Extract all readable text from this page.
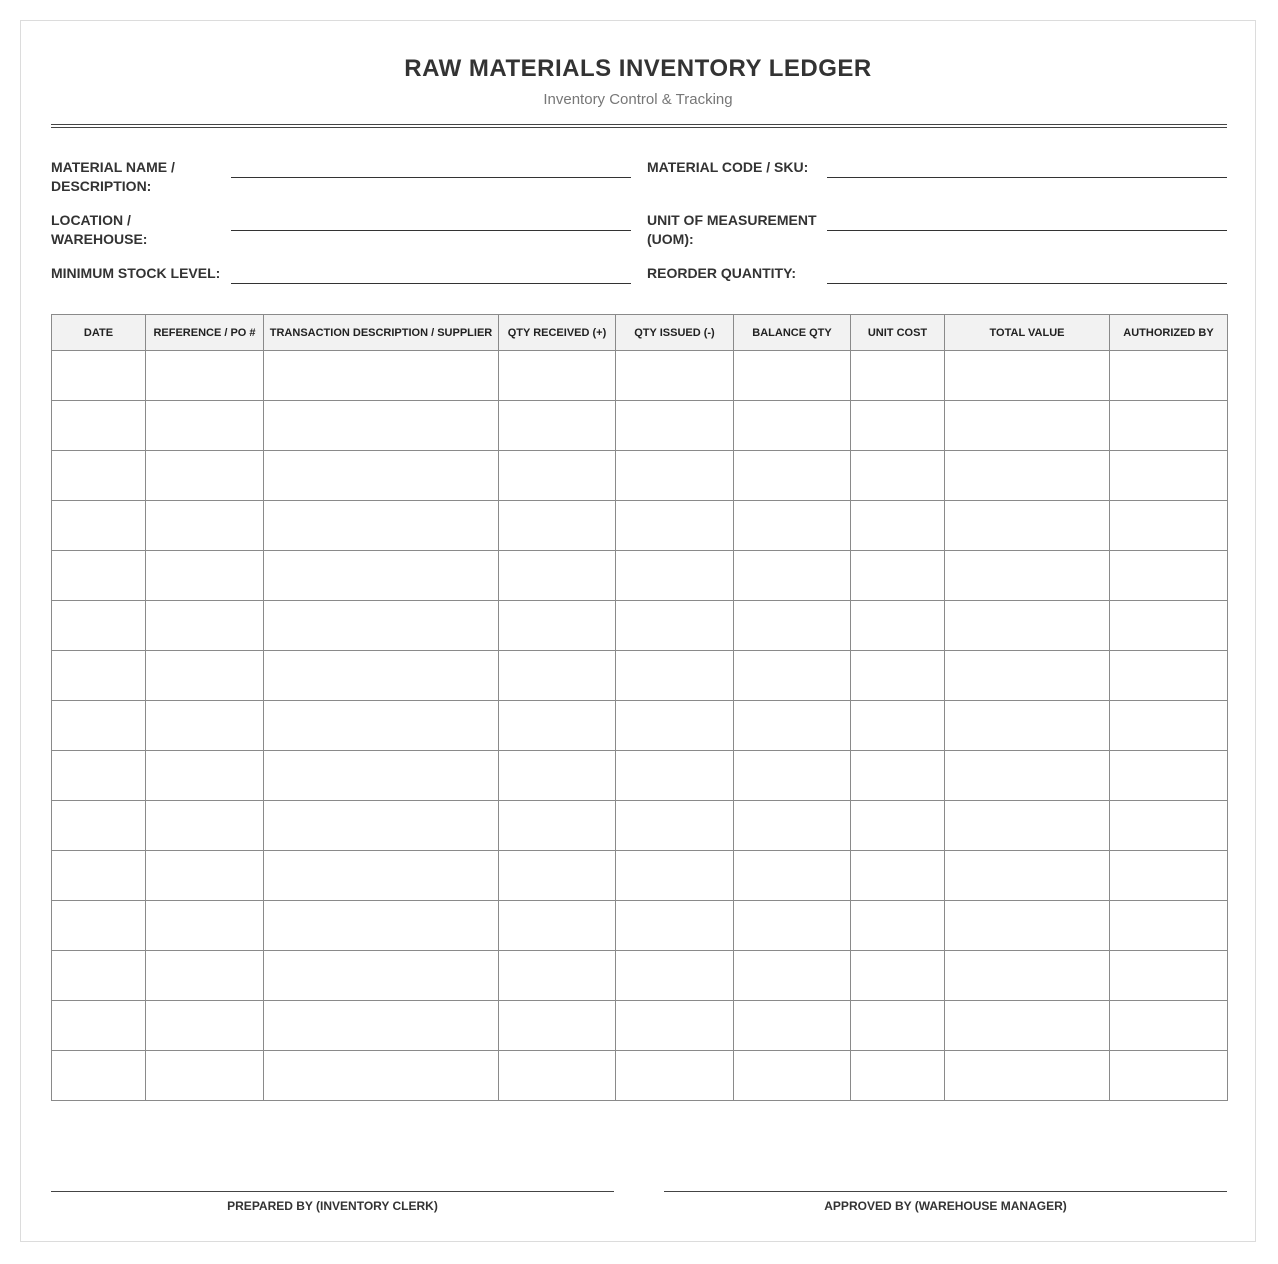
RAW MATERIALS INVENTORY LEDGER
Inventory Control & Tracking
MATERIAL NAME / DESCRIPTION:
MATERIAL CODE / SKU:
LOCATION / WAREHOUSE:
UNIT OF MEASUREMENT (UOM):
MINIMUM STOCK LEVEL:	REORDER QUANTITY:
DATE	REFERENCE / PO #	TRANSACTION DESCRIPTION / SUPPLIER	QTY RECEIVED (+)	QTY ISSUED (-)	BALANCE QTY	UNIT COST	TOTAL VALUE	AUTHORIZED BY

PREPARED BY (INVENTORY CLERK)	APPROVED BY (WAREHOUSE MANAGER)
